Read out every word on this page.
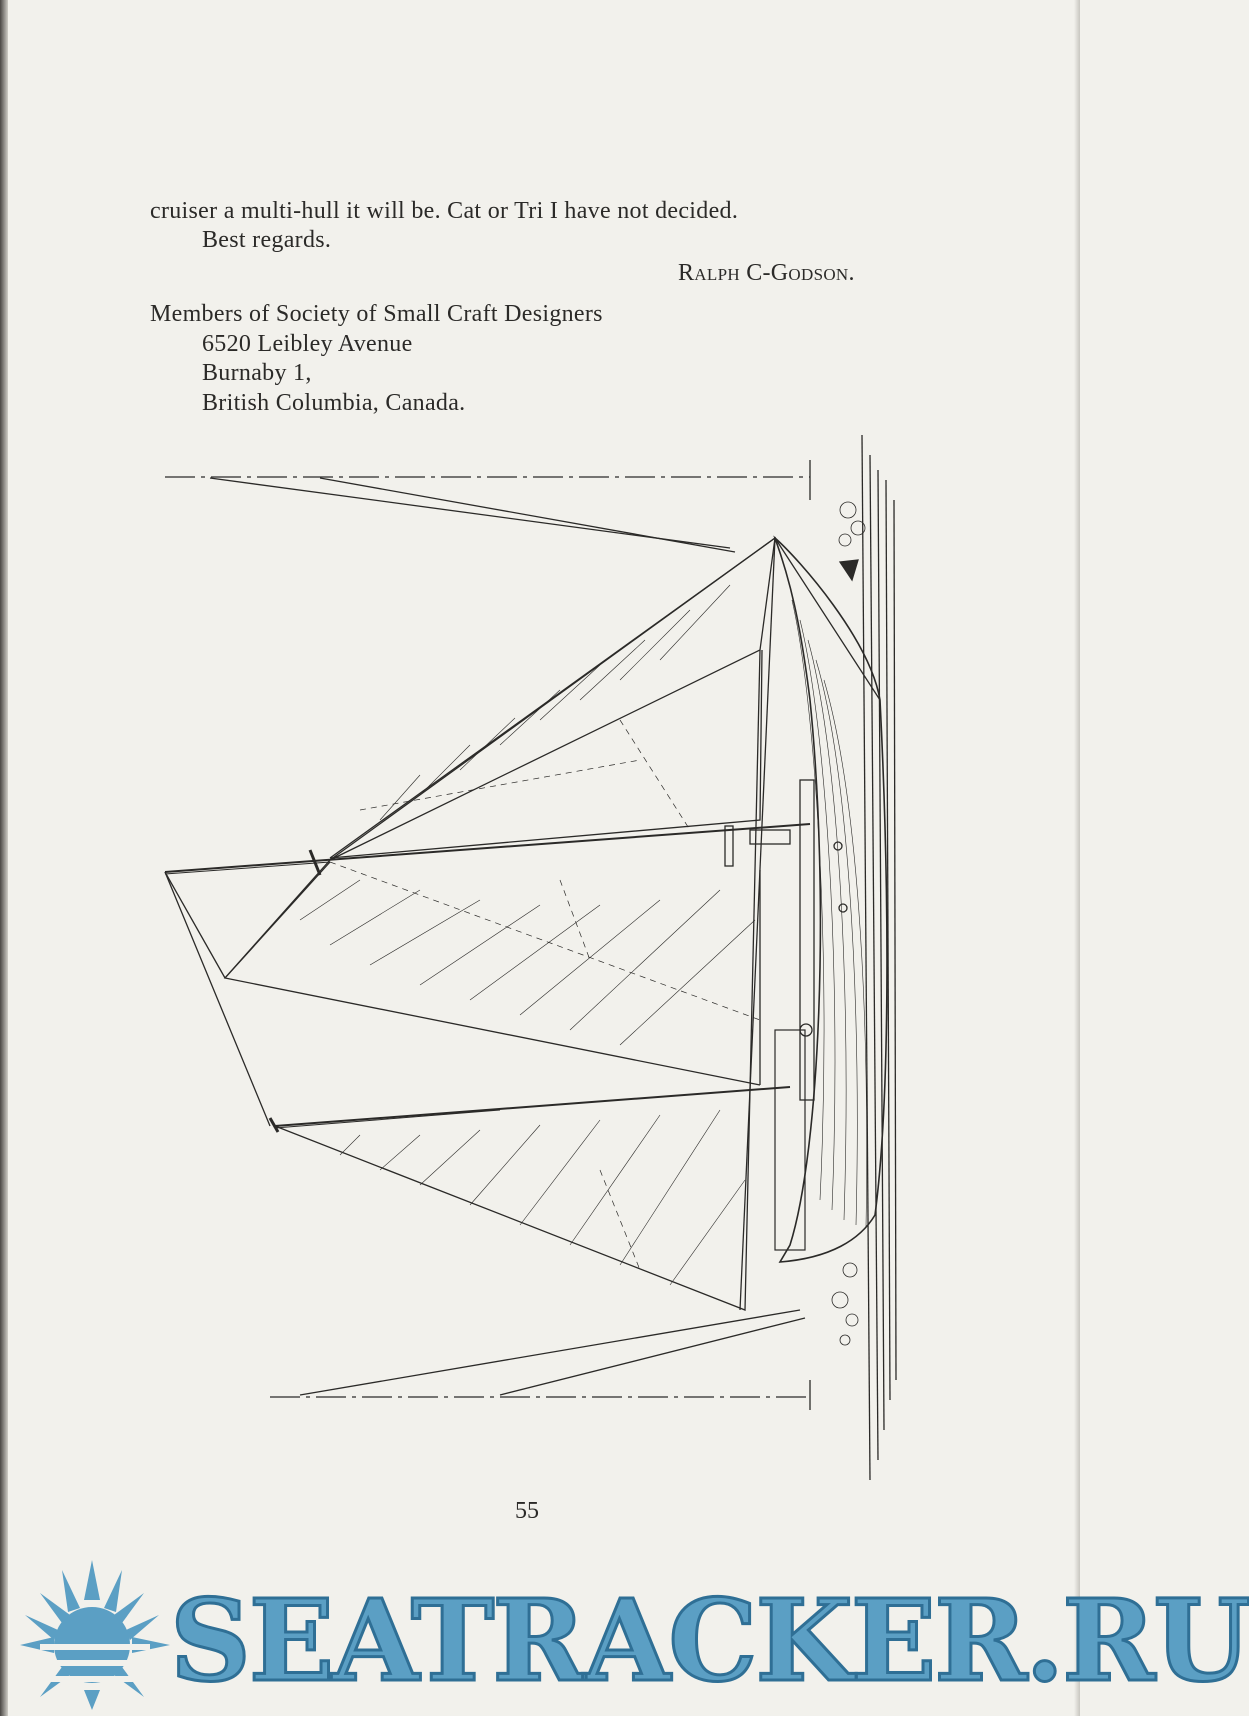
cruiser a multi-hull it will be. Cat or Tri I have not decided.
Best regards.
Ralph C-Godson.
Members of Society of Small Craft Designers
6520 Leibley Avenue
Burnaby 1,
British Columbia, Canada.
55
SEATRACKER.RU
